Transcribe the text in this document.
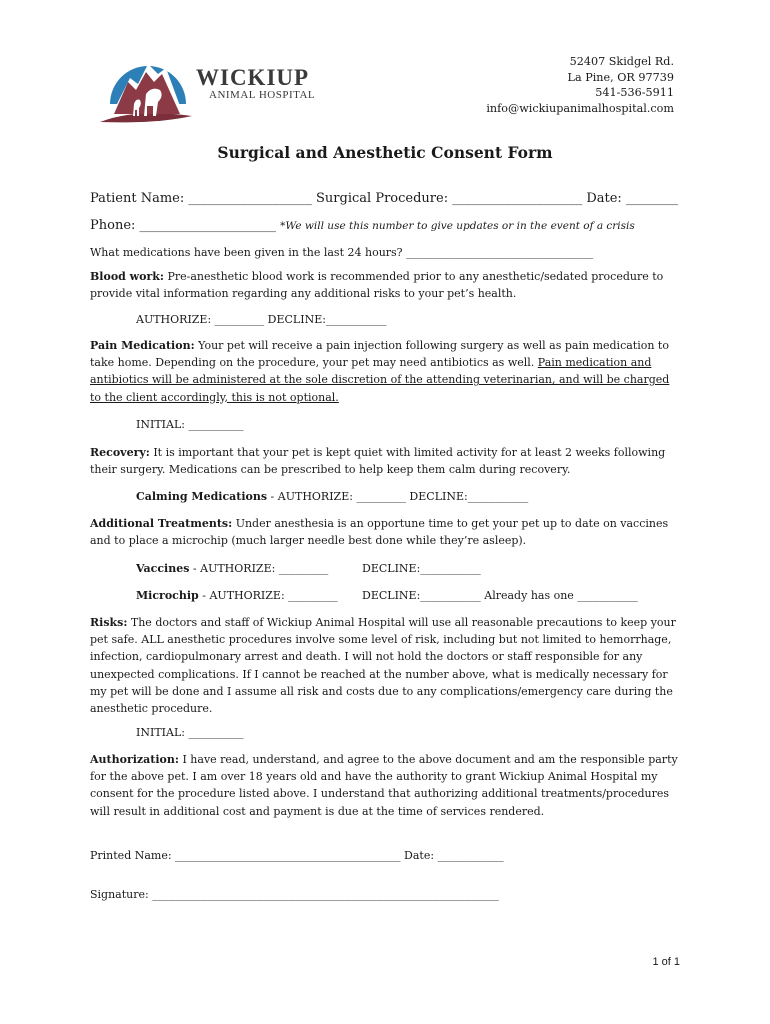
WICKIUP
ANIMAL HOSPITAL
52407 Skidgel Rd.
La Pine, OR 97739
541-536-5911
info@wickiupanimalhospital.com
Surgical and Anesthetic Consent Form
Patient Name: ___________________ Surgical Procedure: ____________________ Date: ________
Phone: _____________________ *We will use this number to give updates or in the event of a crisis
What medications have been given in the last 24 hours? __________________________________
Blood work: Pre-anesthetic blood work is recommended prior to any anesthetic/sedated procedure to provide vital information regarding any additional risks to your pet’s health.
AUTHORIZE: _________ DECLINE:___________
Pain Medication: Your pet will receive a pain injection following surgery as well as pain medication to take home. Depending on the procedure, your pet may need antibiotics as well. Pain medication and antibiotics will be administered at the sole discretion of the attending veterinarian, and will be charged to the client accordingly, this is not optional.
INITIAL: __________
Recovery: It is important that your pet is kept quiet with limited activity for at least 2 weeks following their surgery. Medications can be prescribed to help keep them calm during recovery.
Calming Medications - AUTHORIZE: _________ DECLINE:___________
Additional Treatments: Under anesthesia is an opportune time to get your pet up to date on vaccines and to place a microchip (much larger needle best done while they’re asleep).
Vaccines - AUTHORIZE: _________	DECLINE:___________
Microchip - AUTHORIZE: _________ DECLINE:___________ Already has one ___________
Risks: The doctors and staff of Wickiup Animal Hospital will use all reasonable precautions to keep your pet safe. ALL anesthetic procedures involve some level of risk, including but not limited to hemorrhage, infection, cardiopulmonary arrest and death. I will not hold the doctors or staff responsible for any unexpected complications. If I cannot be reached at the number above, what is medically necessary for my pet will be done and I assume all risk and costs due to any complications/emergency care during the anesthetic procedure.
INITIAL: __________
Authorization: I have read, understand, and agree to the above document and am the responsible party for the above pet. I am over 18 years old and have the authority to grant Wickiup Animal Hospital my consent for the procedure listed above. I understand that authorizing additional treatments/procedures will result in additional cost and payment is due at the time of services rendered.
Printed Name: _________________________________________ Date: ____________
Signature: _______________________________________________________________
1 of 1
